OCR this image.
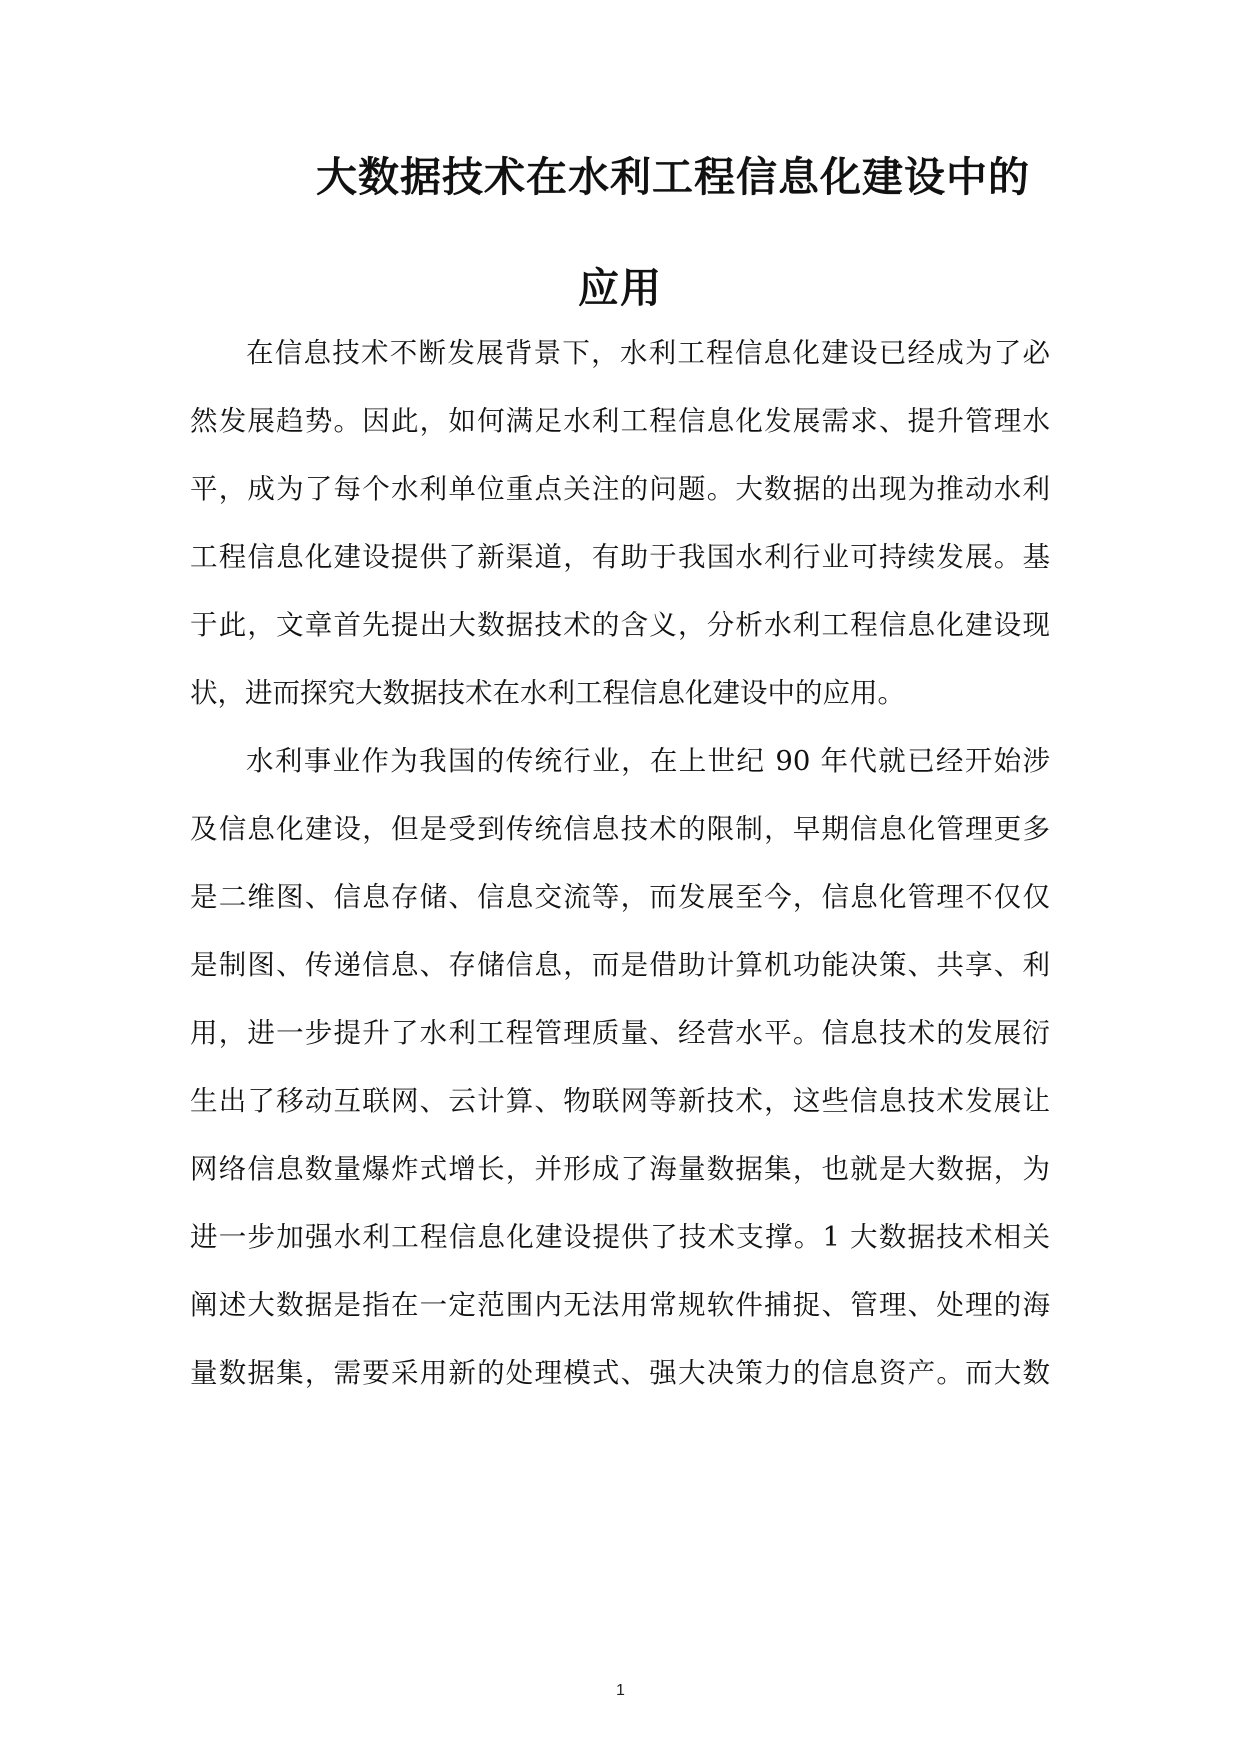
大数据技术在水利工程信息化建设中的
应用
在信息技术不断发展背景下，水利工程信息化建设已经成为了必
然发展趋势。因此，如何满足水利工程信息化发展需求、提升管理水
平，成为了每个水利单位重点关注的问题。大数据的出现为推动水利
工程信息化建设提供了新渠道，有助于我国水利行业可持续发展。基
于此，文章首先提出大数据技术的含义，分析水利工程信息化建设现
状，进而探究大数据技术在水利工程信息化建设中的应用。
水利事业作为我国的传统行业，在上世纪 90 年代就已经开始涉
及信息化建设，但是受到传统信息技术的限制，早期信息化管理更多
是二维图、信息存储、信息交流等，而发展至今，信息化管理不仅仅
是制图、传递信息、存储信息，而是借助计算机功能决策、共享、利
用，进一步提升了水利工程管理质量、经营水平。信息技术的发展衍
生出了移动互联网、云计算、物联网等新技术，这些信息技术发展让
网络信息数量爆炸式增长，并形成了海量数据集，也就是大数据，为
进一步加强水利工程信息化建设提供了技术支撑。1 大数据技术相关
阐述大数据是指在一定范围内无法用常规软件捕捉、管理、处理的海
量数据集，需要采用新的处理模式、强大决策力的信息资产。而大数
1
